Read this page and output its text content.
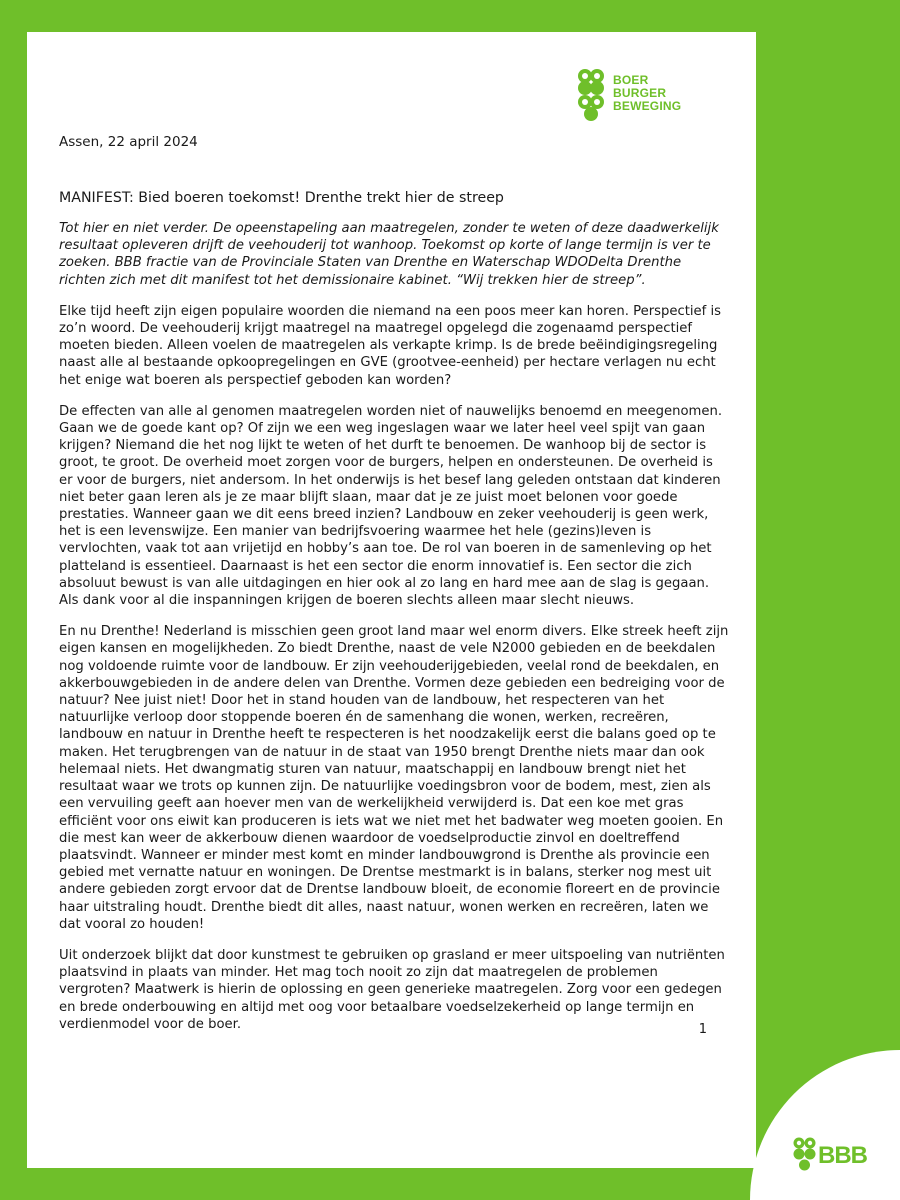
BOER
BURGER
BEWEGING
Assen, 22 april 2024
MANIFEST: Bied boeren toekomst! Drenthe trekt hier de streep

Tot hier en niet verder. De opeenstapeling aan maatregelen, zonder te weten of deze daadwerkelijk resultaat opleveren drijft de veehouderij tot wanhoop. Toekomst op korte of lange termijn is ver te zoeken. BBB fractie van de Provinciale Staten van Drenthe en Waterschap WDODelta Drenthe richten zich met dit manifest tot het demissionaire kabinet. “Wij trekken hier de streep”.

Elke tijd heeft zijn eigen populaire woorden die niemand na een poos meer kan horen. Perspectief is zo’n woord. De veehouderij krijgt maatregel na maatregel opgelegd die zogenaamd perspectief moeten bieden. Alleen voelen de maatregelen als verkapte krimp. Is de brede beëindigingsregeling naast alle al bestaande opkoopregelingen en GVE (grootvee-eenheid) per hectare verlagen nu echt het enige wat boeren als perspectief geboden kan worden?

De effecten van alle al genomen maatregelen worden niet of nauwelijks benoemd en meegenomen. Gaan we de goede kant op? Of zijn we een weg ingeslagen waar we later heel veel spijt van gaan krijgen? Niemand die het nog lijkt te weten of het durft te benoemen. De wanhoop bij de sector is groot, te groot. De overheid moet zorgen voor de burgers, helpen en ondersteunen. De overheid is er voor de burgers, niet andersom. In het onderwijs is het besef lang geleden ontstaan dat kinderen niet beter gaan leren als je ze maar blijft slaan, maar dat je ze juist moet belonen voor goede prestaties. Wanneer gaan we dit eens breed inzien? Landbouw en zeker veehouderij is geen werk, het is een levenswijze. Een manier van bedrijfsvoering waarmee het hele (gezins)leven is vervlochten, vaak tot aan vrijetijd en hobby’s aan toe. De rol van boeren in de samenleving op het platteland is essentieel. Daarnaast is het een sector die enorm innovatief is. Een sector die zich absoluut bewust is van alle uitdagingen en hier ook al zo lang en hard mee aan de slag is gegaan. Als dank voor al die inspanningen krijgen de boeren slechts alleen maar slecht nieuws.

En nu Drenthe! Nederland is misschien geen groot land maar wel enorm divers. Elke streek heeft zijn eigen kansen en mogelijkheden. Zo biedt Drenthe, naast de vele N2000 gebieden en de beekdalen nog voldoende ruimte voor de landbouw. Er zijn veehouderijgebieden, veelal rond de beekdalen, en akkerbouwgebieden in de andere delen van Drenthe. Vormen deze gebieden een bedreiging voor de natuur? Nee juist niet! Door het in stand houden van de landbouw, het respecteren van het natuurlijke verloop door stoppende boeren én de samenhang die wonen, werken, recreëren, landbouw en natuur in Drenthe heeft te respecteren is het noodzakelijk eerst die balans goed op te maken. Het terugbrengen van de natuur in de staat van 1950 brengt Drenthe niets maar dan ook helemaal niets. Het dwangmatig sturen van natuur, maatschappij en landbouw brengt niet het resultaat waar we trots op kunnen zijn. De natuurlijke voedingsbron voor de bodem, mest, zien als een vervuiling geeft aan hoever men van de werkelijkheid verwijderd is. Dat een koe met gras efficiënt voor ons eiwit kan produceren is iets wat we niet met het badwater weg moeten gooien. En die mest kan weer de akkerbouw dienen waardoor de voedselproductie zinvol en doeltreffend plaatsvindt. Wanneer er minder mest komt en minder landbouwgrond is Drenthe als provincie een gebied met vernatte natuur en woningen. De Drentse mestmarkt is in balans, sterker nog mest uit andere gebieden zorgt ervoor dat de Drentse landbouw bloeit, de economie floreert en de provincie haar uitstraling houdt. Drenthe biedt dit alles, naast natuur, wonen werken en recreëren, laten we dat vooral zo houden!

Uit onderzoek blijkt dat door kunstmest te gebruiken op grasland er meer uitspoeling van nutriënten plaatsvind in plaats van minder. Het mag toch nooit zo zijn dat maatregelen de problemen vergroten? Maatwerk is hierin de oplossing en geen generieke maatregelen. Zorg voor een gedegen en brede onderbouwing en altijd met oog voor betaalbare voedselzekerheid op lange termijn en verdienmodel voor de boer.	1
BBB
